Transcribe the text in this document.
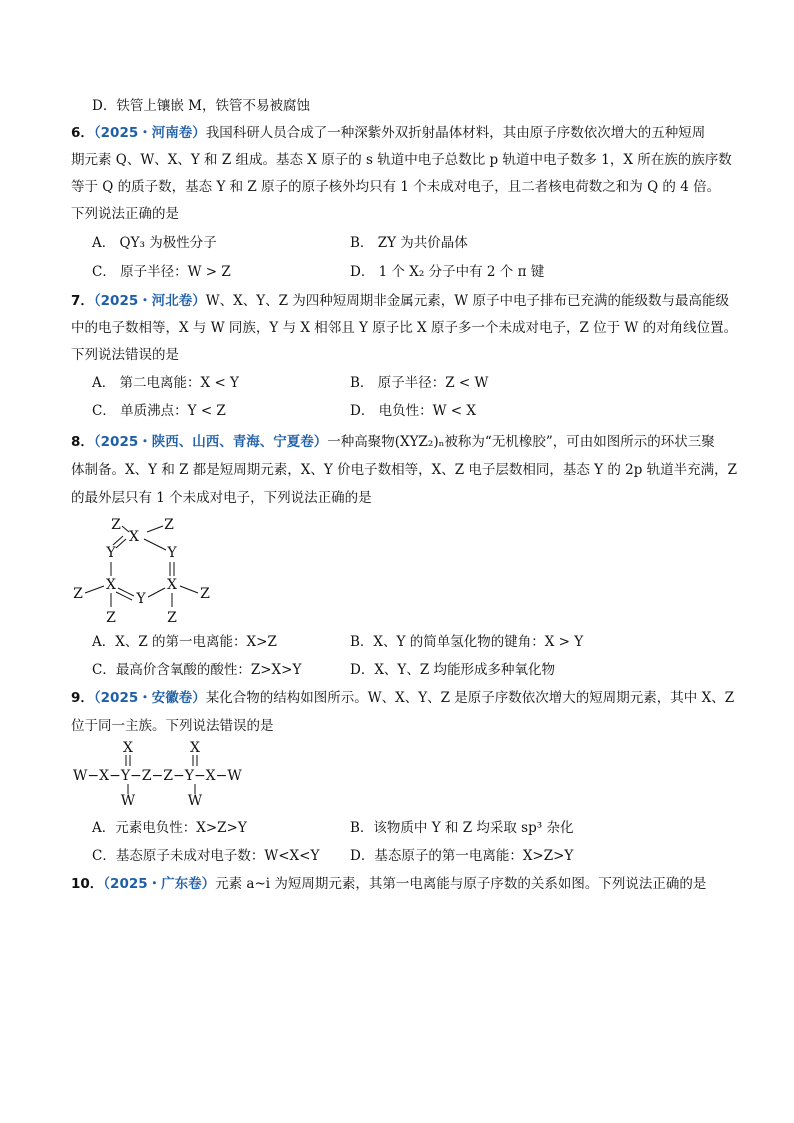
D．铁管上镶嵌 M，铁管不易被腐蚀
6．（2025・河南卷）我国科研人员合成了一种深紫外双折射晶体材料，其由原子序数依次增大的五种短周
期元素 Q、W、X、Y 和 Z 组成。基态 X 原子的 s 轨道中电子总数比 p 轨道中电子数多 1，X 所在族的族序数
等于 Q 的质子数，基态 Y 和 Z 原子的原子核外均只有 1 个未成对电子，且二者核电荷数之和为 Q 的 4 倍。
下列说法正确的是
A． QY₃ 为极性分子	B． ZY 为共价晶体
C． 原子半径：W > Z	D． 1 个 X₂ 分子中有 2 个 π 键
7．（2025・河北卷）W、X、Y、Z 为四种短周期非金属元素，W 原子中电子排布已充满的能级数与最高能级
中的电子数相等，X 与 W 同族，Y 与 X 相邻且 Y 原子比 X 原子多一个未成对电子，Z 位于 W 的对角线位置。
下列说法错误的是
A． 第二电离能：X < Y	B． 原子半径：Z < W
C． 单质沸点：Y < Z	D． 电负性：W < X
8．（2025・陕西、山西、青海、宁夏卷）一种高聚物(XYZ₂)ₙ被称为“无机橡胶”，可由如图所示的环状三聚
体制备。X、Y 和 Z 都是短周期元素，X、Y 价电子数相等，X、Z 电子层数相同，基态 Y 的 2p 轨道半充满，Z
的最外层只有 1 个未成对电子，下列说法正确的是
X
Z	Z
Y	Y
X	X
Z
Z
Z
Z
Y
A．X、Z 的第一电离能：X>Z	B．X、Y 的简单氢化物的键角：X > Y
C．最高价含氧酸的酸性：Z>X>Y	D．X、Y、Z 均能形成多种氧化物
9．（2025・安徽卷）某化合物的结构如图所示。W、X、Y、Z 是原子序数依次增大的短周期元素，其中 X、Z
位于同一主族。下列说法错误的是
X	X
W−X−Y−Z−Z−Y−X−W
W	W
A．元素电负性：X>Z>Y	B．该物质中 Y 和 Z 均采取 sp³ 杂化
C．基态原子未成对电子数：W<X<Y D．基态原子的第一电离能：X>Z>Y
10．（2025・广东卷）元素 a~i 为短周期元素，其第一电离能与原子序数的关系如图。下列说法正确的是
